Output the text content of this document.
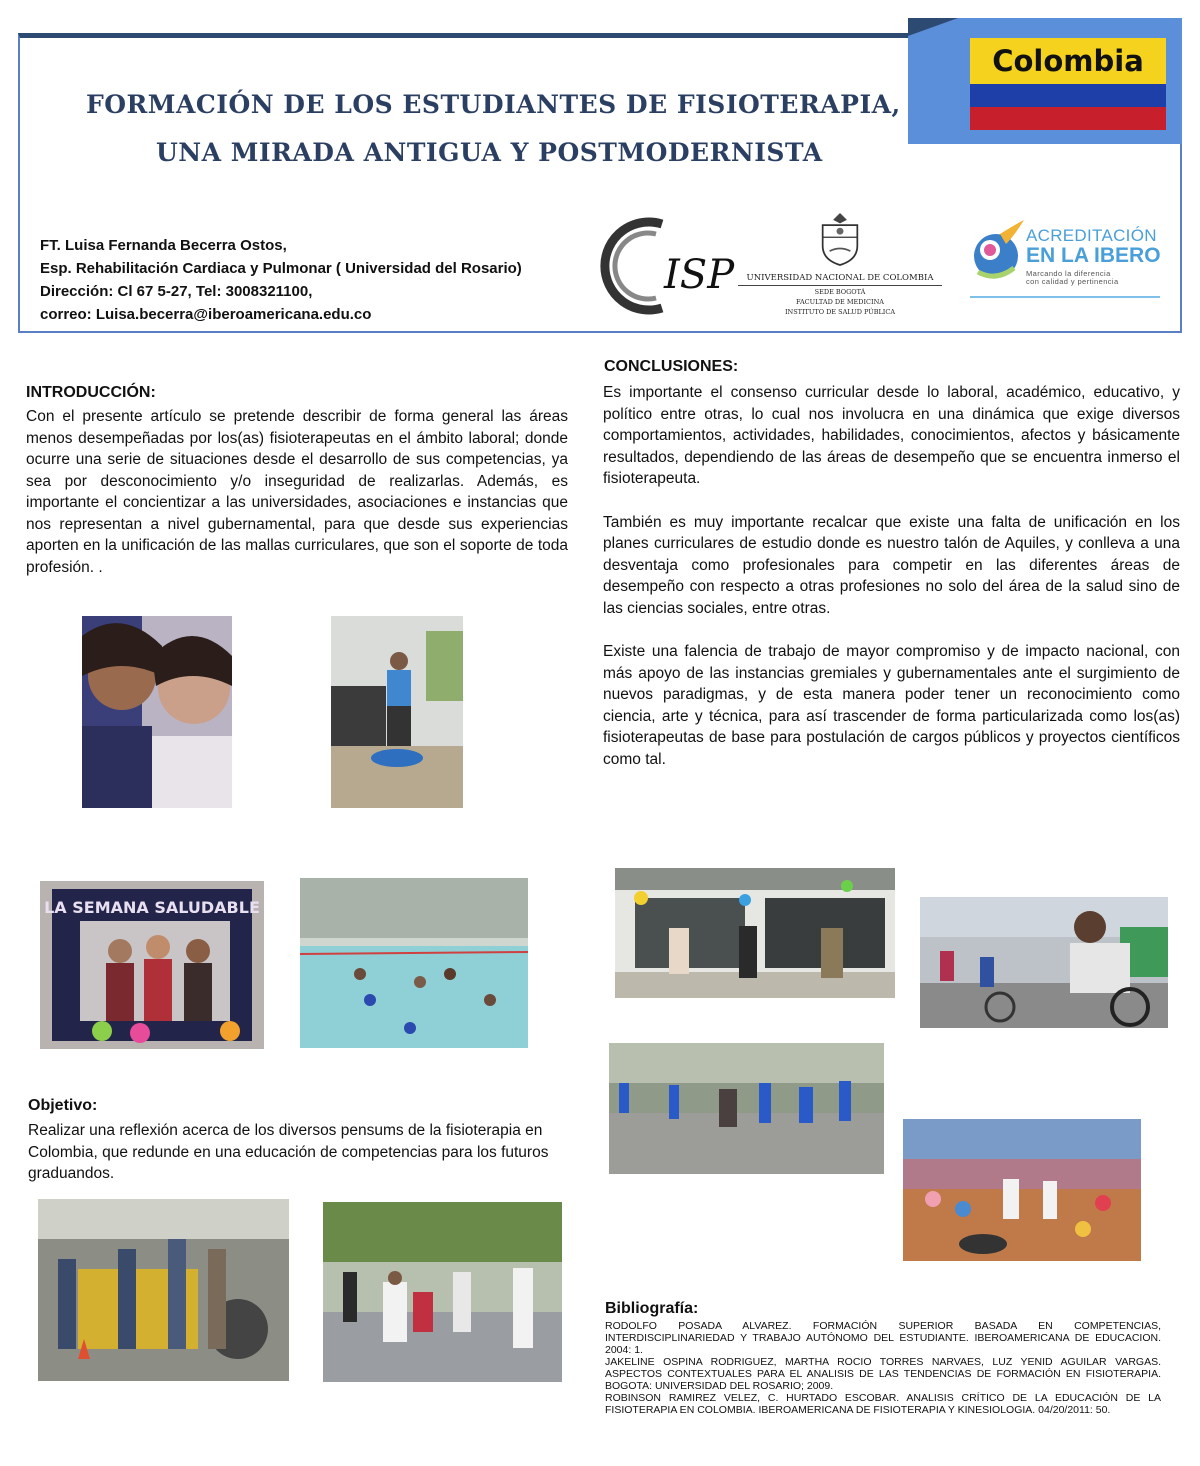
Colombia
FORMACIÓN DE LOS ESTUDIANTES DE FISIOTERAPIA,
UNA MIRADA ANTIGUA Y POSTMODERNISTA
FT. Luisa Fernanda Becerra Ostos,
Esp. Rehabilitación Cardiaca y Pulmonar ( Universidad del Rosario)
Dirección: Cl 67 5-27, Tel: 3008321100,
correo: Luisa.becerra@iberoamericana.edu.co
ISP	UNIVERSIDAD NACIONAL DE COLOMBIA
SEDE BOGOTÁ
FACULTAD DE MEDICINA
INSTITUTO DE SALUD PÚBLICA
ACREDITACIÓN
EN LA IBERO
Marcando la diferencia
con calidad y pertinencia
INTRODUCCIÓN:
Con el presente artículo se pretende describir de forma general las áreas menos desempeñadas por los(as) fisioterapeutas en el ámbito laboral; donde ocurre una serie de situaciones desde el desarrollo de sus competencias, ya sea por desconocimiento y/o inseguridad de realizarlas. Además, es importante el concientizar a las universidades, asociaciones e instancias que nos representan a nivel gubernamental, para que desde sus experiencias aporten en la unificación de las mallas curriculares, que son el soporte de toda profesión. .
CONCLUSIONES:

Es importante el consenso curricular desde lo laboral, académico, educativo, y político entre otras, lo cual nos involucra en una dinámica que exige diversos comportamientos, actividades, habilidades, conocimientos, afectos y básicamente resultados, dependiendo de las áreas de desempeño que se encuentra inmerso el fisioterapeuta.

También es muy importante recalcar que existe una falta de unificación en los planes curriculares de estudio donde es nuestro talón de Aquiles, y conlleva a una desventaja como profesionales para competir en las diferentes áreas de desempeño con respecto a otras profesiones no solo del área de la salud sino de las ciencias sociales, entre otras.

Existe una falencia de trabajo de mayor compromiso y de impacto nacional, con más apoyo de las instancias gremiales y gubernamentales ante el surgimiento de nuevos paradigmas, y de esta manera poder tener un reconocimiento como ciencia, arte y técnica, para así trascender de forma particularizada como los(as) fisioterapeutas de base para postulación de cargos públicos y proyectos científicos como tal.

Objetivo:
Realizar una reflexión acerca de los diversos pensums de la fisioterapia en Colombia, que redunde en una educación de competencias para los futuros graduandos.
Bibliografía:

RODOLFO POSADA ALVAREZ. FORMACIÓN SUPERIOR BASADA EN COMPETENCIAS, INTERDISCIPLINARIEDAD Y TRABAJO AUTÓNOMO DEL ESTUDIANTE. IBEROAMERICANA DE EDUCACION. 2004: 1.

JAKELINE OSPINA RODRIGUEZ, MARTHA ROCIO TORRES NARVAES, LUZ YENID AGUILAR VARGAS. ASPECTOS CONTEXTUALES PARA EL ANALISIS DE LAS TENDENCIAS DE FORMACIÓN EN FISIOTERAPIA. BOGOTA: UNIVERSIDAD DEL ROSARIO; 2009.

ROBINSON RAMIREZ VELEZ, C. HURTADO ESCOBAR. ANALISIS CRÍTICO DE LA EDUCACIÓN DE LA FISIOTERAPIA EN COLOMBIA. IBEROAMERICANA DE FISIOTERAPIA Y KINESIOLOGIA. 04/20/2011: 50.

LA SEMANA SALUDABLE
